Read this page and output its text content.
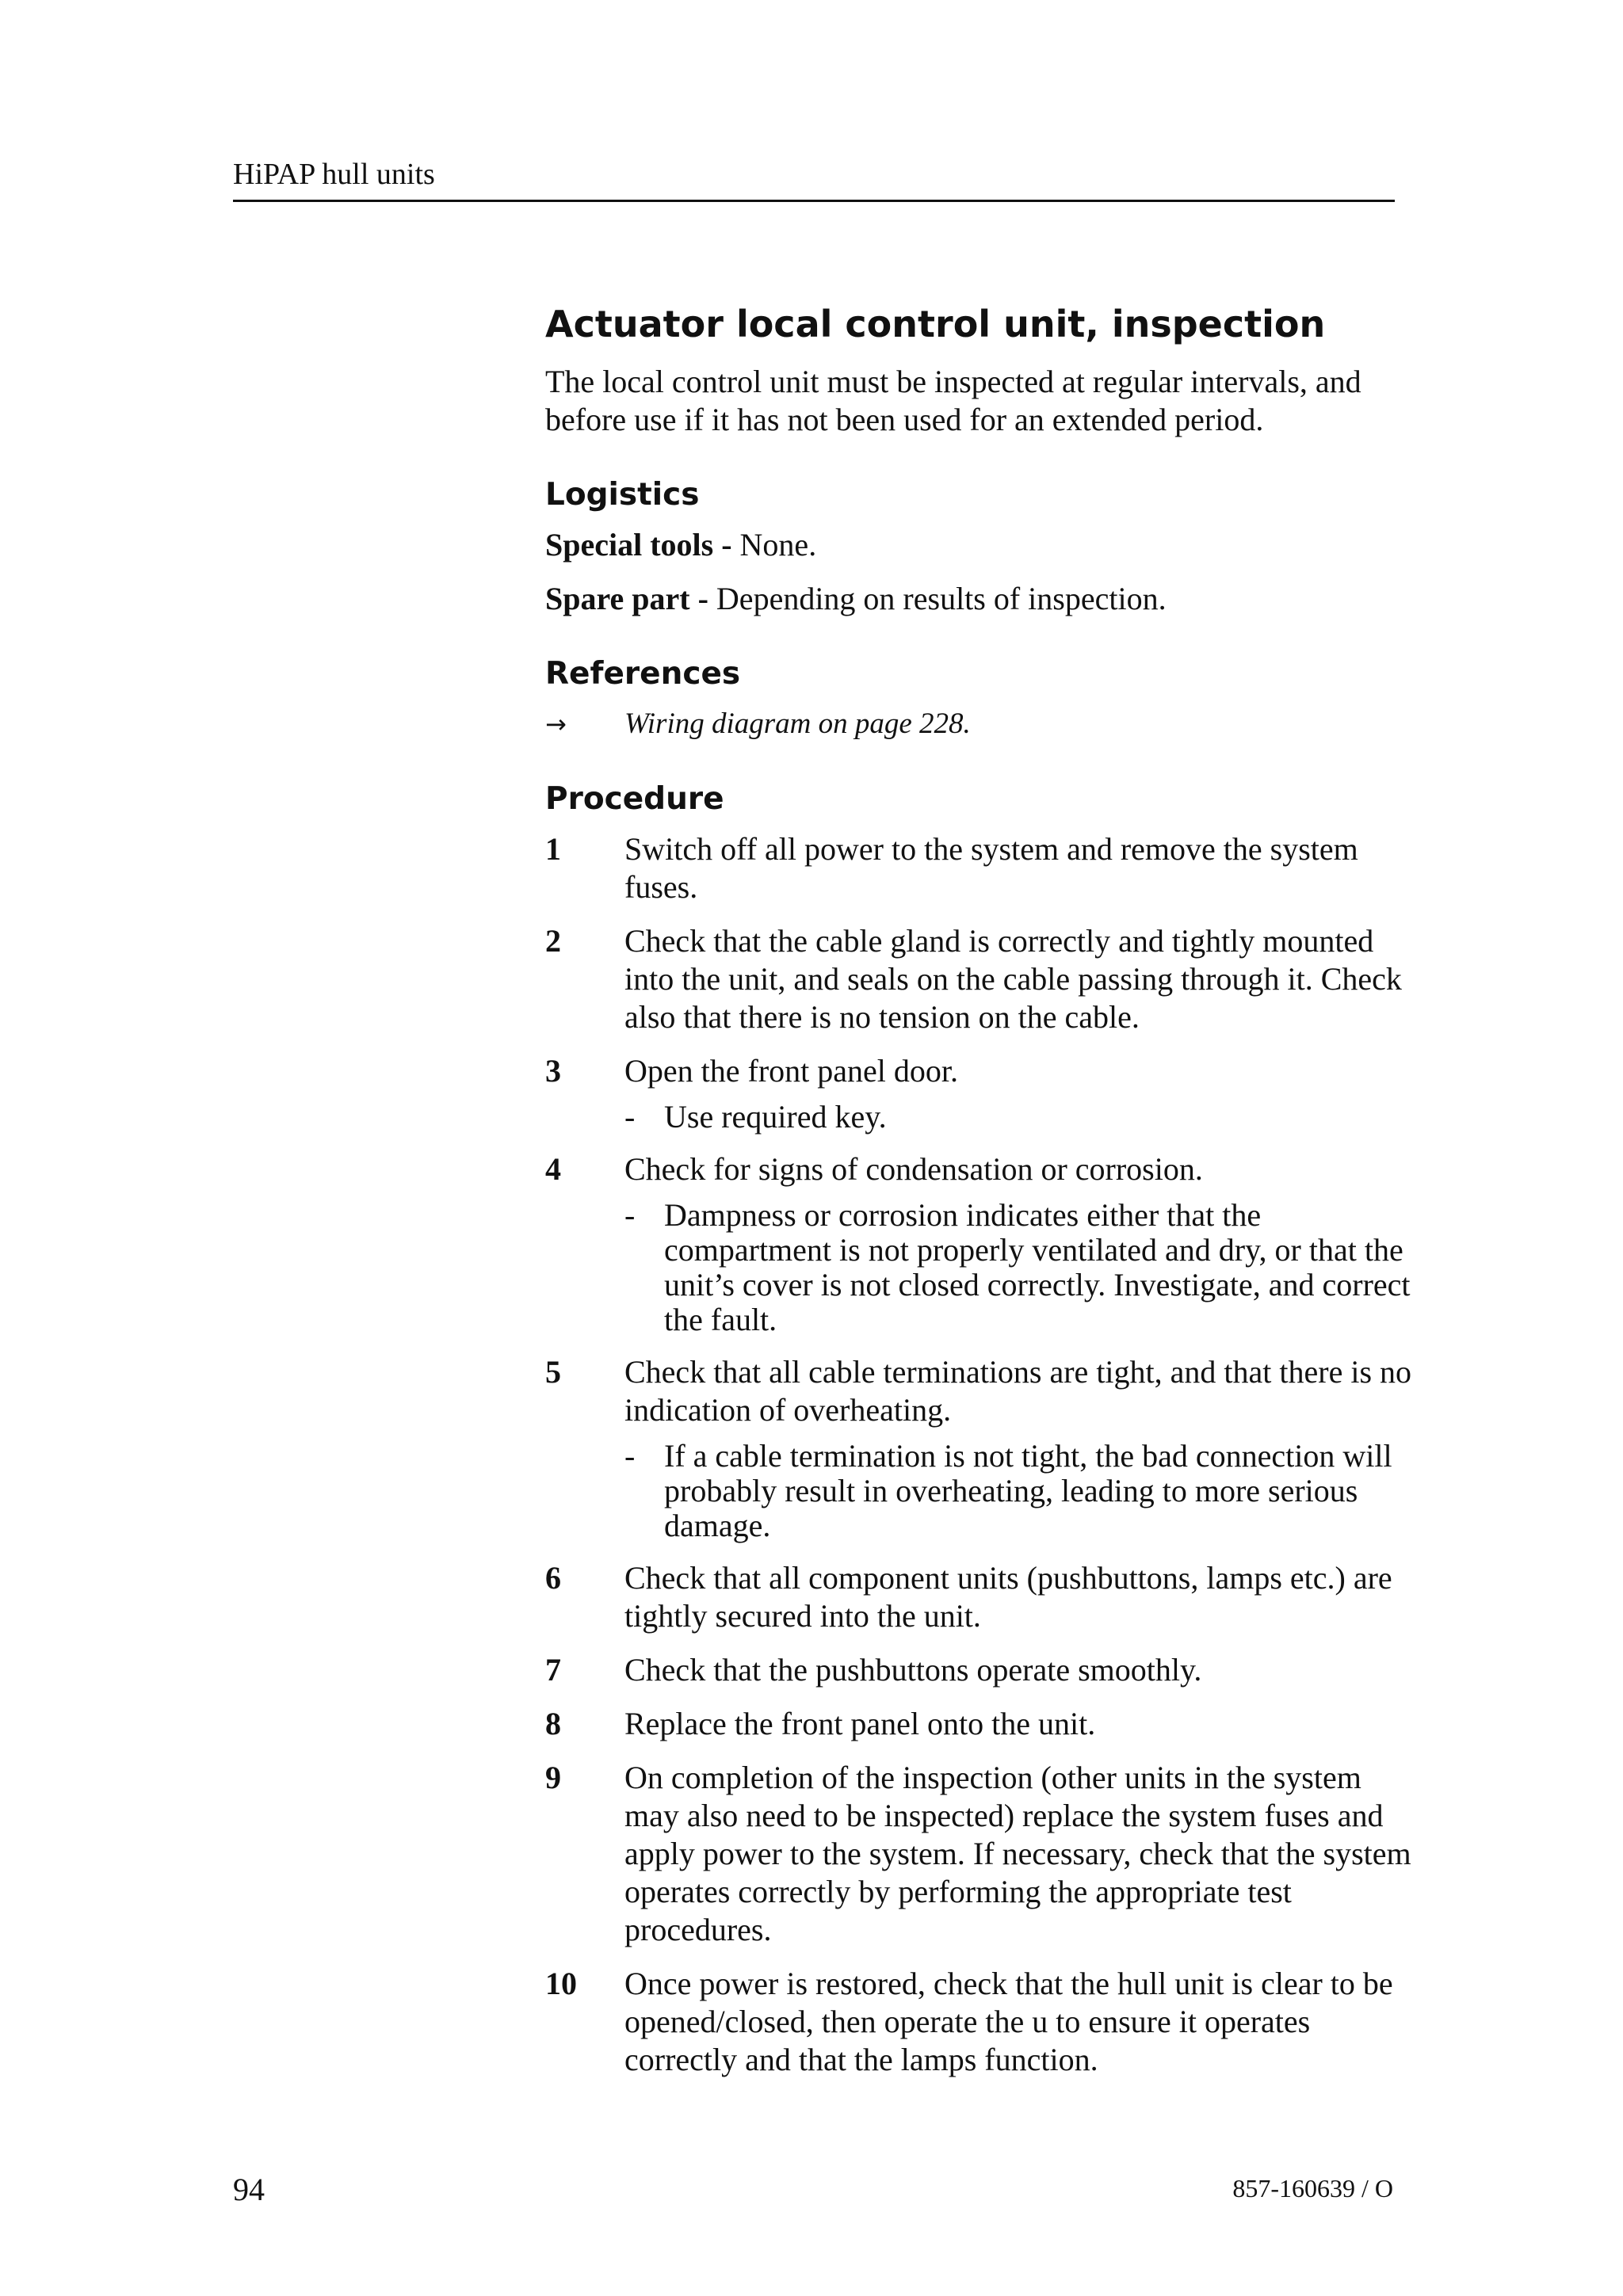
HiPAP hull units
Actuator local control unit, inspection

The local control unit must be inspected at regular intervals, and before use if it has not been used for an extended period.

Logistics

Special tools - None.

Spare part - Depending on results of inspection.

References
→ Wiring diagram on page 228.
Procedure
1 Switch off all power to the system and remove the system fuses.
2 Check that the cable gland is correctly and tightly mounted into the unit, and seals on the cable passing through it. Check also that there is no tension on the cable.
3 Open the front panel door.
- Use required key.
4 Check for signs of condensation or corrosion.
- Dampness or corrosion indicates either that the compartment is not properly ventilated and dry, or that the unit’s cover is not closed correctly. Investigate, and correct the fault.
5 Check that all cable terminations are tight, and that there is no indication of overheating.
- If a cable termination is not tight, the bad connection will probably result in overheating, leading to more serious damage.
6 Check that all component units (pushbuttons, lamps etc.) are tightly secured into the unit.
7 Check that the pushbuttons operate smoothly.
8 Replace the front panel onto the unit.
9 On completion of the inspection (other units in the system may also need to be inspected) replace the system fuses and apply power to the system. If necessary, check that the system operates correctly by performing the appropriate test procedures.
10 Once power is restored, check that the hull unit is clear to be opened/closed, then operate the u to ensure it operates correctly and that the lamps function.
94	857-160639 / O
